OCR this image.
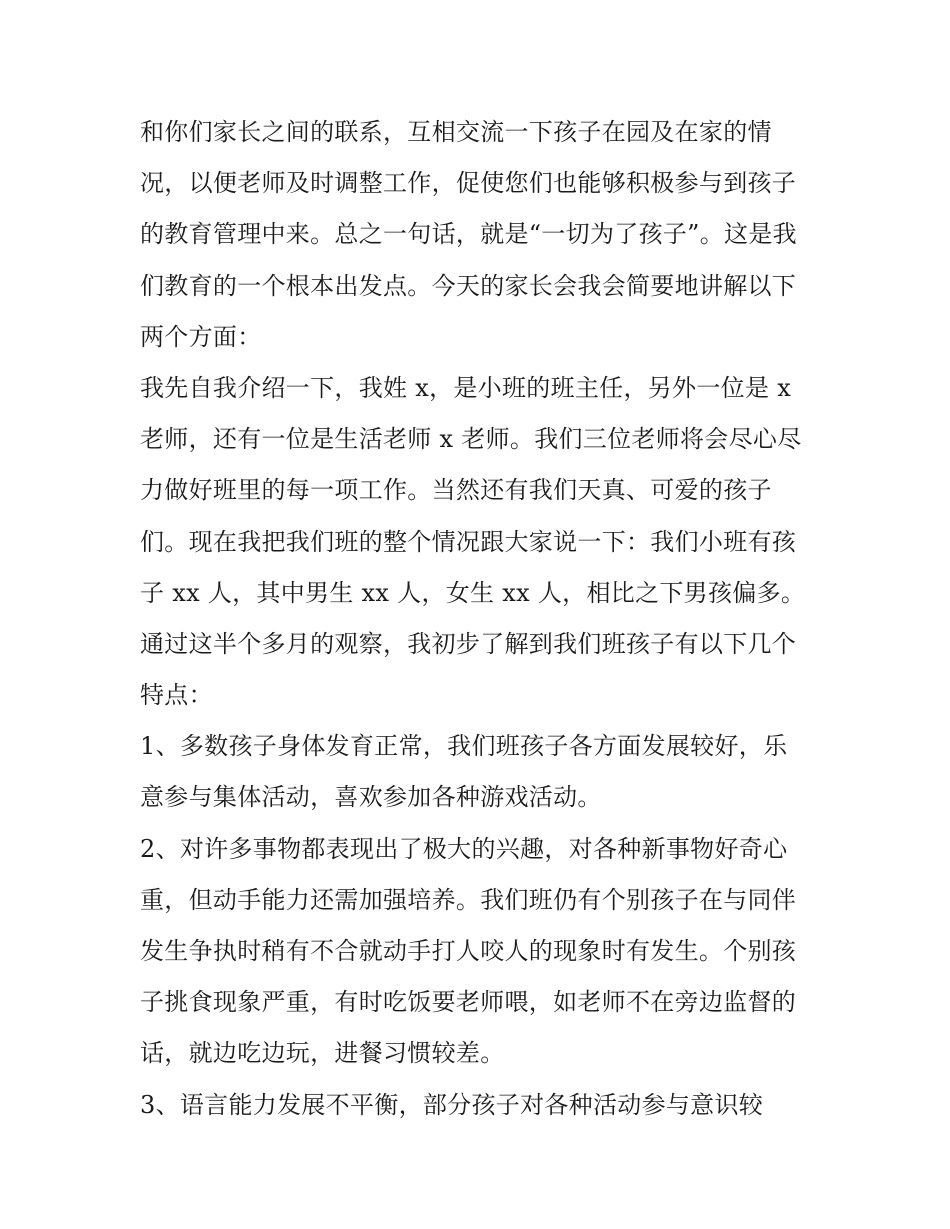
和你们家长之间的联系，互相交流一下孩子在园及在家的情
况，以便老师及时调整工作，促使您们也能够积极参与到孩子
的教育管理中来。总之一句话，就是“一切为了孩子”。这是我
们教育的一个根本出发点。今天的家长会我会简要地讲解以下
两个方面：
我先自我介绍一下，我姓 x，是小班的班主任，另外一位是 x
老师，还有一位是生活老师 x 老师。我们三位老师将会尽心尽
力做好班里的每一项工作。当然还有我们天真、可爱的孩子
们。现在我把我们班的整个情况跟大家说一下：我们小班有孩
子 xx 人，其中男生 xx 人，女生 xx 人，相比之下男孩偏多。
通过这半个多月的观察，我初步了解到我们班孩子有以下几个
特点：
1、多数孩子身体发育正常，我们班孩子各方面发展较好，乐
意参与集体活动，喜欢参加各种游戏活动。
2、对许多事物都表现出了极大的兴趣，对各种新事物好奇心
重，但动手能力还需加强培养。我们班仍有个别孩子在与同伴
发生争执时稍有不合就动手打人咬人的现象时有发生。个别孩
子挑食现象严重，有时吃饭要老师喂，如老师不在旁边监督的
话，就边吃边玩，进餐习惯较差。
3、语言能力发展不平衡，部分孩子对各种活动参与意识较
